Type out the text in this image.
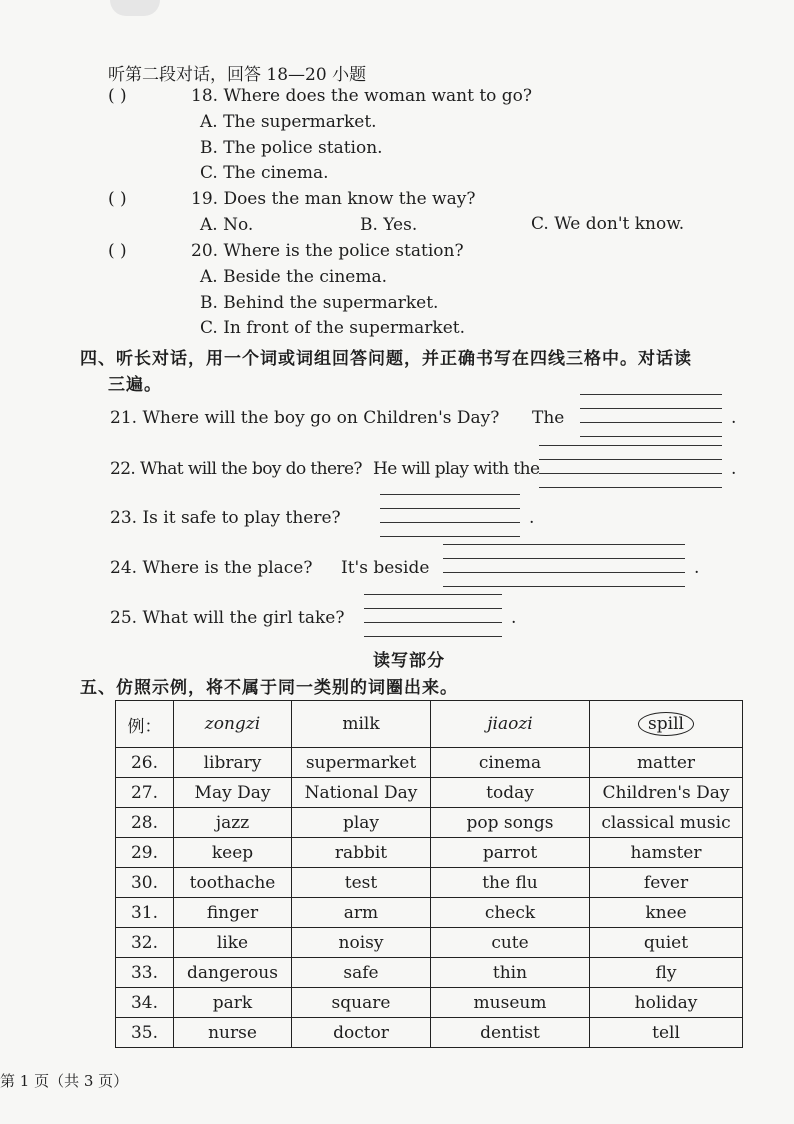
听第二段对话，回答 18—20 小题
( )	18. Where does the woman want to go?
A. The supermarket.
B. The police station.
C. The cinema.
( )	19. Does the man know the way?
A. No.	B. Yes.	C. We don't know.
( )	20. Where is the police station?
A. Beside the cinema.
B. Behind the supermarket.
C. In front of the supermarket.
四、听长对话，用一个词或词组回答问题，并正确书写在四线三格中。对话读
三遍。
21. Where will the boy go on Children's Day? The	.
22. What will the boy do there? He will play with the	.
23. Is it safe to play there?	.
24. Where is the place? It's beside	.
25. What will the girl take?	.
读写部分
五、仿照示例，将不属于同一类别的词圈出来。
例：	zongzi	milk	jiaozi	spill
26.	library	supermarket	cinema	matter
27.	May Day	National Day	today	Children's Day
28.	jazz	play	pop songs	classical music
29.	keep	rabbit	parrot	hamster
30.	toothache	test	the flu	fever
31.	finger	arm	check	knee
32.	like	noisy	cute	quiet
33.	dangerous	safe	thin	fly
34.	park	square	museum	holiday
35.	nurse	doctor	dentist	tell
第 1 页（共 3 页）
